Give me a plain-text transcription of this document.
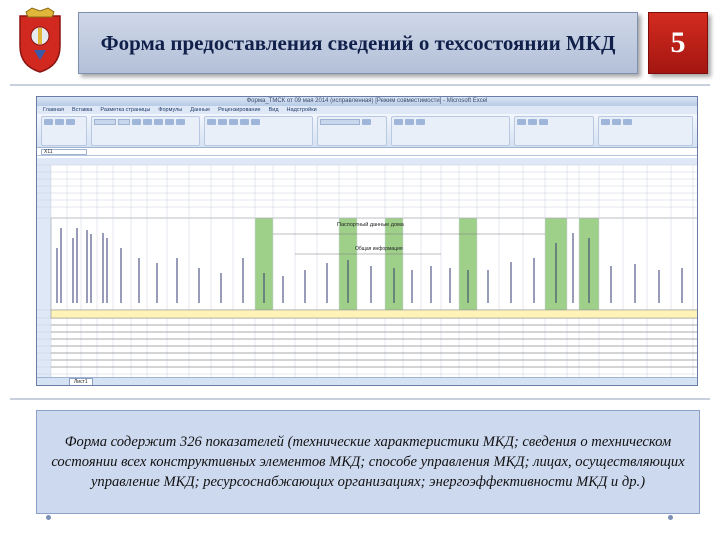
Форма предоставления сведений о техсостоянии МКД	5
Форма_ТМСК от 09 мая 2014 (исправленная) [Режим совместимости] - Microsoft Excel
Главная Вставка Разметка страницы Формулы Данные Рецензирование Вид Надстройки
X11
Паспортный данные дома
Общая информация
Лист1

Форма содержит 326 показателей (технические характеристики МКД; сведения о техническом состоянии всех конструктивных элементов МКД; способе управления МКД; лицах, осуществляющих управление МКД; ресурсоснабжающих организациях; энергоэффективности МКД и др.)
